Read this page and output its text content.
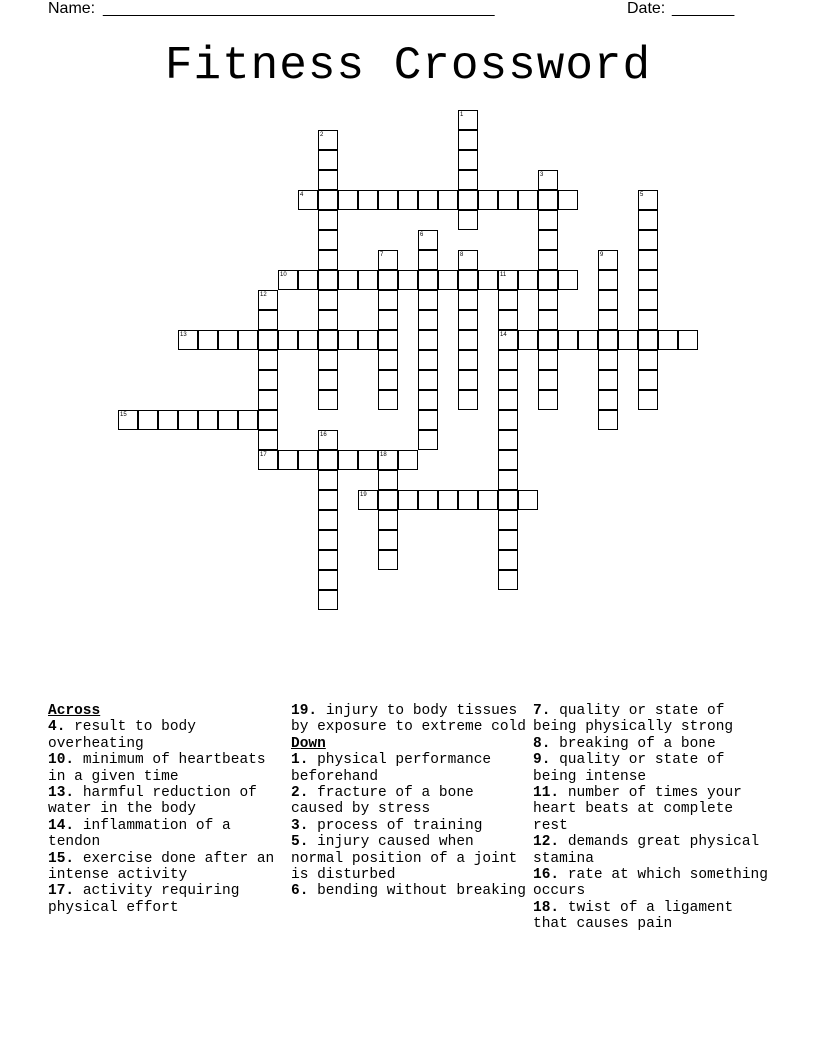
Name: ____________________________________________	Date: _______
Fitness Crossword
1
2
3
4	5
6
7	8	9
10	11
12
13	14
15
16
17	18
19

Across

4. result to body overheating

10. minimum of heartbeats in a given time

13. harmful reduction of water in the body

14. inflammation of a tendon

15. exercise done after an intense activity

17. activity requiring physical effort

19. injury to body tissues by exposure to extreme cold

Down

1. physical performance beforehand

2. fracture of a bone caused by stress

3. process of training

5. injury caused when normal position of a joint is disturbed

6. bending without breaking

7. quality or state of being physically strong

8. breaking of a bone

9. quality or state of being intense

11. number of times your heart beats at complete rest

12. demands great physical stamina

16. rate at which something occurs

18. twist of a ligament that causes pain
